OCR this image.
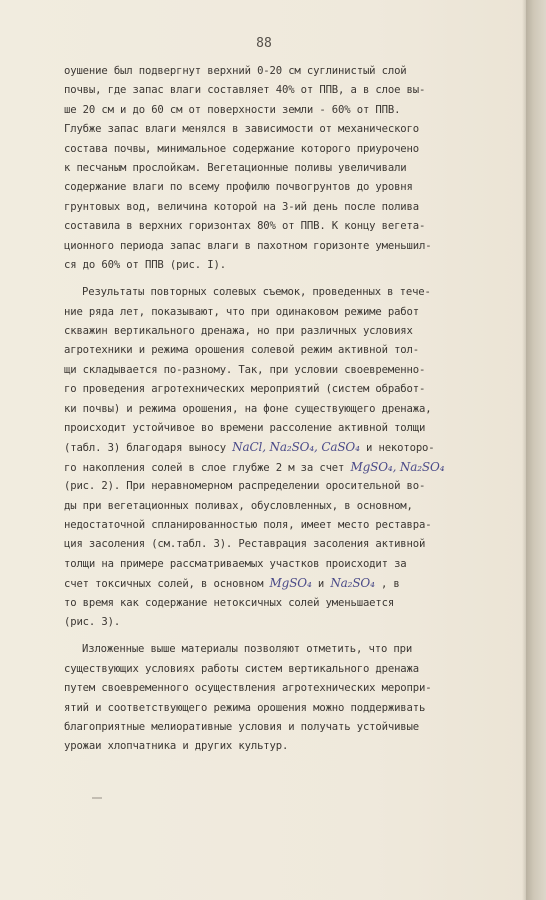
88
оушение был подвергнут верхний 0-20 см суглинистый слой
почвы, где запас влаги составляет 40% от ППВ, а в слое вы-
ше 20 см и до 60 см от поверхности земли - 60% от ППВ.
Глубже запас влаги менялся в зависимости от механического
состава почвы, минимальное содержание которого приурочено
к песчаным прослойкам. Вегетационные поливы увеличивали
содержание влаги по всему профилю почвогрунтов до уровня
грунтовых вод, величина которой на 3-ий день после полива
составила в верхних горизонтах 80% от ППВ. К концу вегета-
ционного периода запас влаги в пахотном горизонте уменьшил-
ся до 60% от ППВ (рис. I).
Результаты повторных солевых съемок, проведенных в тече-
ние ряда лет, показывают, что при одинаковом режиме работ
скважин вертикального дренажа, но при различных условиях
агротехники и режима орошения солевой режим активной тол-
щи складывается по-разному. Так, при условии своевременно-
го проведения агротехнических мероприятий (систем обработ-
ки почвы) и режима орошения, на фоне существующего дренажа,
происходит устойчивое во времени рассоление активной толщи
(табл. 3) благодаря выносу NaCl, Na₂SO₄, CaSO₄ и некоторо-
го накопления солей в слое глубже 2 м за счет MgSO₄, Na₂SO₄
(рис. 2). При неравномерном распределении оросительной во-
ды при вегетационных поливах, обусловленных, в основном,
недостаточной спланированностью поля, имеет место реставра-
ция засоления (см.табл. 3). Реставрация засоления активной
толщи на примере рассматриваемых участков происходит за
счет токсичных солей, в основном MgSO₄ и Na₂SO₄ , в
то время как содержание нетоксичных солей уменьшается
(рис. 3).
Изложенные выше материалы позволяют отметить, что при
существующих условиях работы систем вертикального дренажа
путем своевременного осуществления агротехнических меропри-
ятий и соответствующего режима орошения можно поддерживать
благоприятные мелиоративные условия и получать устойчивые
урожаи хлопчатника и других культур.
